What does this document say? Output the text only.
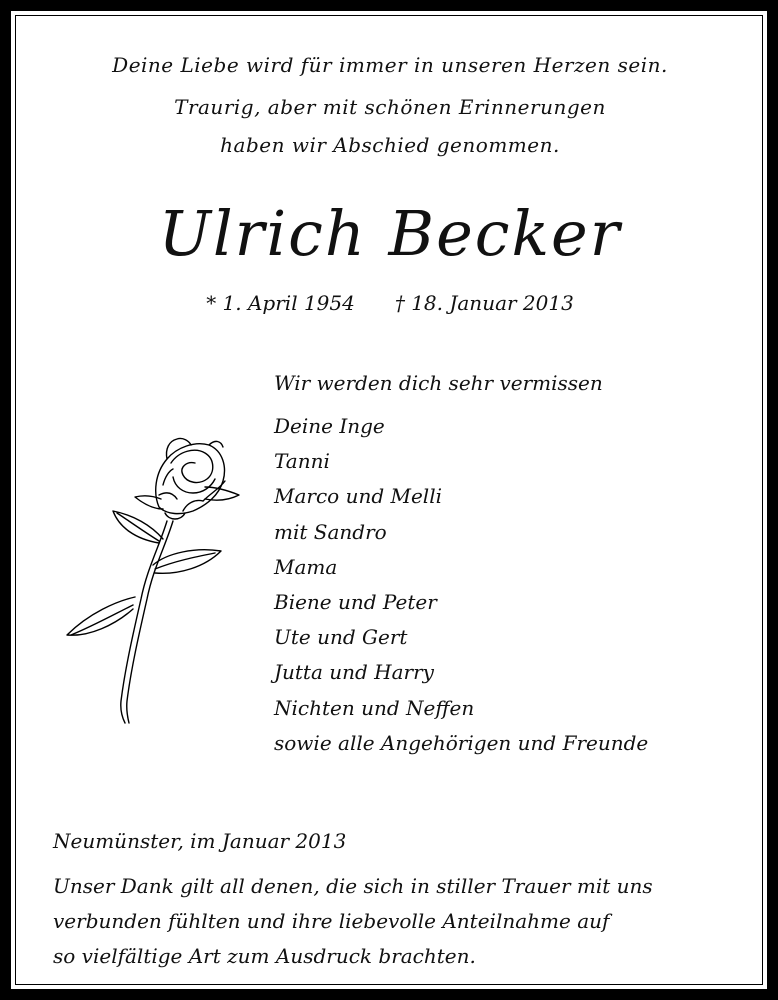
Deine Liebe wird für immer in unseren Herzen sein.
Traurig, aber mit schönen Erinnerungen
haben wir Abschied genommen.
Ulrich Becker
* 1. April 1954 † 18. Januar 2013
Wir werden dich sehr vermissen
Deine Inge
Tanni
Marco und Melli
mit Sandro
Mama
Biene und Peter
Ute und Gert
Jutta und Harry
Nichten und Neffen
sowie alle Angehörigen und Freunde
Neumünster, im Januar 2013
Unser Dank gilt all denen, die sich in stiller Trauer mit uns
verbunden fühlten und ihre liebevolle Anteilnahme auf
so vielfältige Art zum Ausdruck brachten.
